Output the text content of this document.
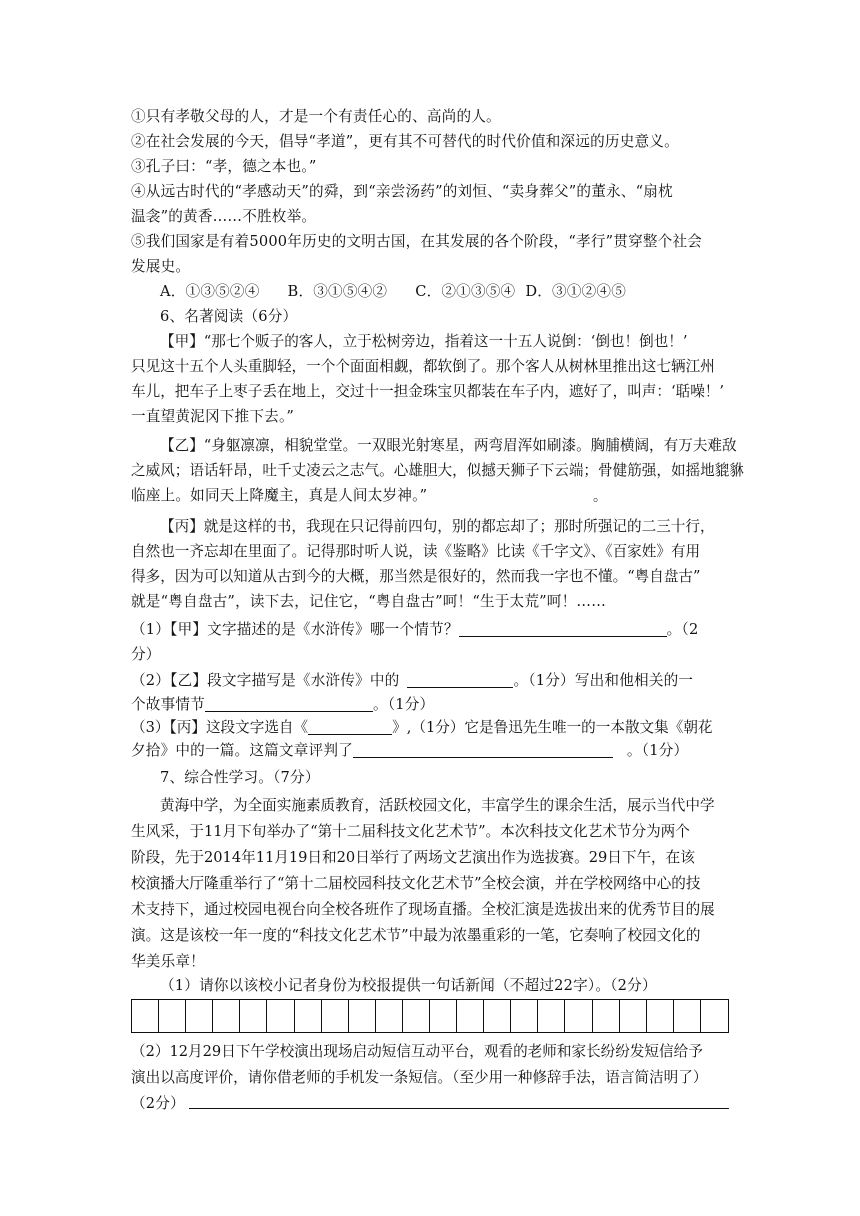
①只有孝敬父母的人，才是一个有责任心的、高尚的人。
②在社会发展的今天，倡导“孝道”，更有其不可替代的时代价值和深远的历史意义。
③孔子曰：“孝，德之本也。”
④从远古时代的“孝感动天”的舜，到“亲尝汤药”的刘恒、“卖身葬父”的董永、“扇枕
温衾”的黄香……不胜枚举。
⑤我们国家是有着5000年历史的文明古国，在其发展的各个阶段，“孝行”贯穿整个社会
发展史。
A．①③⑤②④ B．③①⑤④② C．②①③⑤④ D．③①②④⑤
6、名著阅读（6分）
【甲】“那七个贩子的客人，立于松树旁边，指着这一十五人说倒：‘倒也！倒也！’
只见这十五个人头重脚轻，一个个面面相觑，都软倒了。那个客人从树林里推出这七辆江州
车儿，把车子上枣子丢在地上，交过十一担金珠宝贝都装在车子内，遮好了，叫声：‘聒噪！’
一直望黄泥冈下推下去。”
【乙】“身躯凛凛，相貌堂堂。一双眼光射寒星，两弯眉浑如刷漆。胸脯横阔，有万夫难敌
之威风；语话轩昂，吐千丈凌云之志气。心雄胆大，似撼天狮子下云端；骨健筋强，如摇地貔貅
临座上。如同天上降魔主，真是人间太岁神。”	。
【丙】就是这样的书，我现在只记得前四句，别的都忘却了；那时所强记的二三十行，
自然也一齐忘却在里面了。记得那时听人说，读《鉴略》比读《千字文》、《百家姓》有用
得多，因为可以知道从古到今的大概，那当然是很好的，然而我一字也不懂。“粤自盘古”
就是“粤自盘古”，读下去，记住它，“粤自盘古”呵！“生于太荒”呵！……
（1）【甲】文字描述的是《水浒传》哪一个情节？	。（2
分）
（2）【乙】段文字描写是《水浒传》中的	。（1分）写出和他相关的一
个故事情节	。（1分）
（3）【丙】这段文字选自《	》,（1分）它是鲁迅先生唯一的一本散文集《朝花
夕拾》中的一篇。这篇文章评判了	。（1分）
7、综合性学习。（7分）
黄海中学，为全面实施素质教育，活跃校园文化，丰富学生的课余生活，展示当代中学
生风采，于11月下旬举办了“第十二届科技文化艺术节”。本次科技文化艺术节分为两个
阶段，先于2014年11月19日和20日举行了两场文艺演出作为选拔赛。29日下午，在该
校演播大厅隆重举行了“第十二届校园科技文化艺术节”全校会演，并在学校网络中心的技
术支持下，通过校园电视台向全校各班作了现场直播。全校汇演是选拔出来的优秀节目的展
演。这是该校一年一度的“科技文化艺术节”中最为浓墨重彩的一笔，它奏响了校园文化的
华美乐章！
（1）请你以该校小记者身份为校报提供一句话新闻（不超过22字）。（2分）
（2）12月29日下午学校演出现场启动短信互动平台，观看的老师和家长纷纷发短信给予
演出以高度评价，请你借老师的手机发一条短信。（至少用一种修辞手法，语言简洁明了）
（2分）
